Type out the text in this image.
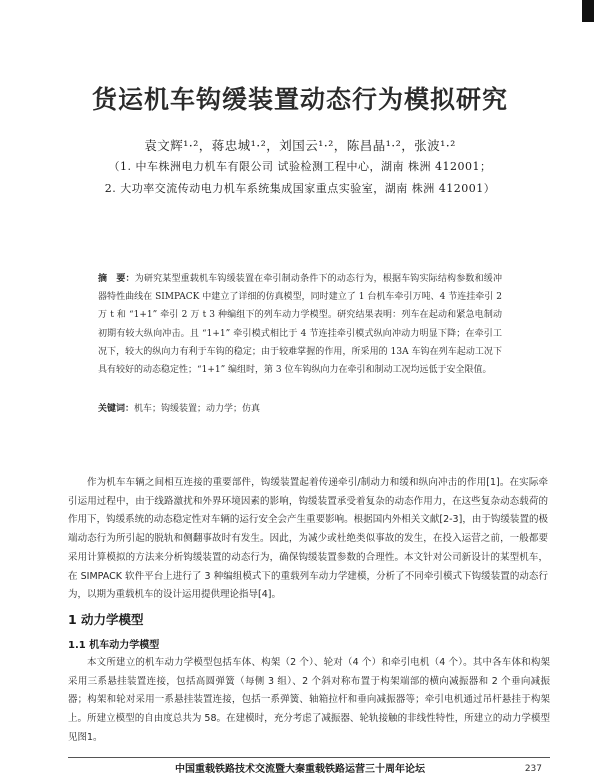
货运机车钩缓装置动态行为模拟研究
袁文辉¹·²，蒋忠城¹·²，刘国云¹·²，陈昌晶¹·²，张波¹·²
（1. 中车株洲电力机车有限公司 试验检测工程中心，湖南 株洲 412001；
2. 大功率交流传动电力机车系统集成国家重点实验室，湖南 株洲 412001）
摘　要：为研究某型重载机车钩缓装置在牵引制动条件下的动态行为，根据车钩实际结构参数和缓冲器特性曲线在 SIMPACK 中建立了详细的仿真模型，同时建立了 1 台机车牵引万吨、4 节连挂牵引 2 万 t 和 “1+1” 牵引 2 万 t 3 种编组下的列车动力学模型。研究结果表明：列车在起动和紧急电制动初期有较大纵向冲击。且 “1+1” 牵引模式相比于 4 节连挂牵引模式纵向冲动力明显下降；在牵引工况下，较大的纵向力有利于车钩的稳定；由于较难掌握的作用，所采用的 13A 车钩在列车起动工况下具有较好的动态稳定性；“1+1” 编组时，第 3 位车钩纵向力在牵引和制动工况均远低于安全限值。
关键词：机车；钩缓装置；动力学；仿真
作为机车车辆之间相互连接的重要部件，钩缓装置起着传递牵引/制动力和缓和纵向冲击的作用[1]。在实际牵引运用过程中，由于线路激扰和外界环境因素的影响，钩缓装置承受着复杂的动态作用力，在这些复杂动态载荷的作用下，钩缓系统的动态稳定性对车辆的运行安全会产生重要影响。根据国内外相关文献[2-3]，由于钩缓装置的极端动态行为所引起的脱轨和侧翻事故时有发生。因此，为减少或杜绝类似事故的发生，在投入运营之前，一般都要采用计算模拟的方法来分析钩缓装置的动态行为，确保钩缓装置参数的合理性。本文针对公司新设计的某型机车，在 SIMPACK 软件平台上进行了 3 种编组模式下的重载列车动力学建模，分析了不同牵引模式下钩缓装置的动态行为，以期为重载机车的设计运用提供理论指导[4]。
1 动力学模型
1.1 机车动力学模型
本文所建立的机车动力学模型包括车体、构架（2 个）、轮对（4 个）和牵引电机（4 个）。其中各车体和构架采用三系悬挂装置连接，包括高圆弹簧（每侧 3 组）、2 个斜对称布置于构架端部的横向减振器和 2 个垂向减振器；构架和轮对采用一系悬挂装置连接，包括一系弹簧、轴箱拉杆和垂向减振器等；牵引电机通过吊杆悬挂于构架上。所建立模型的自由度总共为 58。在建模时，充分考虑了减振器、轮轨接触的非线性特性，所建立的动力学模型见图1。
中国重载铁路技术交流暨大秦重载铁路运营三十周年论坛	237
